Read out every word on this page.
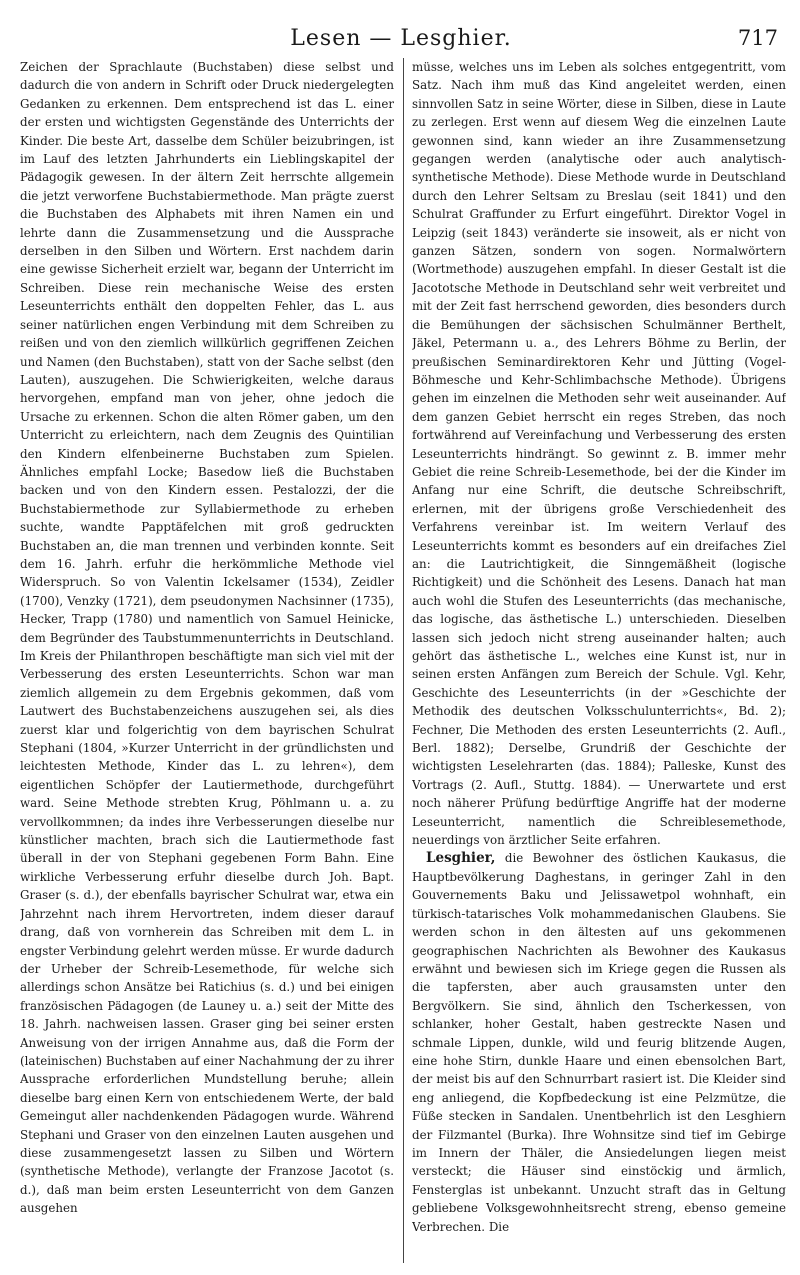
Lesen — Lesghier.	717

Zeichen der Sprachlaute (Buchstaben) diese selbst und dadurch die von andern in Schrift oder Druck niedergelegten Gedanken zu erkennen. Dem entsprechend ist das L. einer der ersten und wichtigsten Gegenstände des Unterrichts der Kinder. Die beste Art, dasselbe dem Schüler beizubringen, ist im Lauf des letzten Jahrhunderts ein Lieblingskapitel der Pädagogik gewesen. In der ältern Zeit herrschte allgemein die jetzt verworfene Buchstabiermethode. Man prägte zuerst die Buchstaben des Alphabets mit ihren Namen ein und lehrte dann die Zusammensetzung und die Aussprache derselben in den Silben und Wörtern. Erst nachdem darin eine gewisse Sicherheit erzielt war, begann der Unterricht im Schreiben. Diese rein mechanische Weise des ersten Leseunterrichts enthält den doppelten Fehler, das L. aus seiner natürlichen engen Verbindung mit dem Schreiben zu reißen und von den ziemlich willkürlich gegriffenen Zeichen und Namen (den Buchstaben), statt von der Sache selbst (den Lauten), auszugehen. Die Schwierigkeiten, welche daraus hervorgehen, empfand man von jeher, ohne jedoch die Ursache zu erkennen. Schon die alten Römer gaben, um den Unterricht zu erleichtern, nach dem Zeugnis des Quintilian den Kindern elfenbeinerne Buchstaben zum Spielen. Ähnliches empfahl Locke; Basedow ließ die Buchstaben backen und von den Kindern essen. Pestalozzi, der die Buchstabiermethode zur Syllabiermethode zu erheben suchte, wandte Papptäfelchen mit groß gedruckten Buchstaben an, die man trennen und verbinden konnte. Seit dem 16. Jahrh. erfuhr die herkömmliche Methode viel Widerspruch. So von Valentin Ickelsamer (1534), Zeidler (1700), Venzky (1721), dem pseudonymen Nachsinner (1735), Hecker, Trapp (1780) und namentlich von Samuel Heinicke, dem Begründer des Taubstummenunterrichts in Deutschland. Im Kreis der Philanthropen beschäftigte man sich viel mit der Verbesserung des ersten Leseunterrichts. Schon war man ziemlich allgemein zu dem Ergebnis gekommen, daß vom Lautwert des Buchstabenzeichens auszugehen sei, als dies zuerst klar und folgerichtig von dem bayrischen Schulrat Stephani (1804, »Kurzer Unterricht in der gründlichsten und leichtesten Methode, Kinder das L. zu lehren«), dem eigentlichen Schöpfer der Lautiermethode, durchgeführt ward. Seine Methode strebten Krug, Pöhlmann u. a. zu vervollkommnen; da indes ihre Verbesserungen dieselbe nur künstlicher machten, brach sich die Lautiermethode fast überall in der von Stephani gegebenen Form Bahn. Eine wirkliche Verbesserung erfuhr dieselbe durch Joh. Bapt. Graser (s. d.), der ebenfalls bayrischer Schulrat war, etwa ein Jahrzehnt nach ihrem Hervortreten, indem dieser darauf drang, daß von vornherein das Schreiben mit dem L. in engster Verbindung gelehrt werden müsse. Er wurde dadurch der Urheber der Schreib-Lesemethode, für welche sich allerdings schon Ansätze bei Ratichius (s. d.) und bei einigen französischen Pädagogen (de Launey u. a.) seit der Mitte des 18. Jahrh. nachweisen lassen. Graser ging bei seiner ersten Anweisung von der irrigen Annahme aus, daß die Form der (lateinischen) Buchstaben auf einer Nachahmung der zu ihrer Aussprache erforderlichen Mundstellung beruhe; allein dieselbe barg einen Kern von entschiedenem Werte, der bald Gemeingut aller nachdenkenden Pädagogen wurde. Während Stephani und Graser von den einzelnen Lauten ausgehen und diese zusammengesetzt lassen zu Silben und Wörtern (synthetische Methode), verlangte der Franzose Jacotot (s. d.), daß man beim ersten Leseunterricht von dem Ganzen ausgehen

müsse, welches uns im Leben als solches entgegentritt, vom Satz. Nach ihm muß das Kind angeleitet werden, einen sinnvollen Satz in seine Wörter, diese in Silben, diese in Laute zu zerlegen. Erst wenn auf diesem Weg die einzelnen Laute gewonnen sind, kann wieder an ihre Zusammensetzung gegangen werden (analytische oder auch analytisch-synthetische Methode). Diese Methode wurde in Deutschland durch den Lehrer Seltsam zu Breslau (seit 1841) und den Schulrat Graffunder zu Erfurt eingeführt. Direktor Vogel in Leipzig (seit 1843) veränderte sie insoweit, als er nicht von ganzen Sätzen, sondern von sogen. Normalwörtern (Wortmethode) auszugehen empfahl. In dieser Gestalt ist die Jacototsche Methode in Deutschland sehr weit verbreitet und mit der Zeit fast herrschend geworden, dies besonders durch die Bemühungen der sächsischen Schulmänner Berthelt, Jäkel, Petermann u. a., des Lehrers Böhme zu Berlin, der preußischen Seminardirektoren Kehr und Jütting (Vogel-Böhmesche und Kehr-Schlimbachsche Methode). Übrigens gehen im einzelnen die Methoden sehr weit auseinander. Auf dem ganzen Gebiet herrscht ein reges Streben, das noch fortwährend auf Vereinfachung und Verbesserung des ersten Leseunterrichts hindrängt. So gewinnt z. B. immer mehr Gebiet die reine Schreib-Lesemethode, bei der die Kinder im Anfang nur eine Schrift, die deutsche Schreibschrift, erlernen, mit der übrigens große Verschiedenheit des Verfahrens vereinbar ist. Im weitern Verlauf des Leseunterrichts kommt es besonders auf ein dreifaches Ziel an: die Lautrichtigkeit, die Sinngemäßheit (logische Richtigkeit) und die Schönheit des Lesens. Danach hat man auch wohl die Stufen des Leseunterrichts (das mechanische, das logische, das ästhetische L.) unterschieden. Dieselben lassen sich jedoch nicht streng auseinander halten; auch gehört das ästhetische L., welches eine Kunst ist, nur in seinen ersten Anfängen zum Bereich der Schule. Vgl. Kehr, Geschichte des Leseunterrichts (in der »Geschichte der Methodik des deutschen Volksschulunterrichts«, Bd. 2); Fechner, Die Methoden des ersten Leseunterrichts (2. Aufl., Berl. 1882); Derselbe, Grundriß der Geschichte der wichtigsten Leselehrarten (das. 1884); Palleske, Kunst des Vortrags (2. Aufl., Stuttg. 1884). — Unerwartete und erst noch näherer Prüfung bedürftige Angriffe hat der moderne Leseunterricht, namentlich die Schreiblesemethode, neuerdings von ärztlicher Seite erfahren.

Lesghier, die Bewohner des östlichen Kaukasus, die Hauptbevölkerung Daghestans, in geringer Zahl in den Gouvernements Baku und Jelissawetpol wohnhaft, ein türkisch-tatarisches Volk mohammedanischen Glaubens. Sie werden schon in den ältesten auf uns gekommenen geographischen Nachrichten als Bewohner des Kaukasus erwähnt und bewiesen sich im Kriege gegen die Russen als die tapfersten, aber auch grausamsten unter den Bergvölkern. Sie sind, ähnlich den Tscherkessen, von schlanker, hoher Gestalt, haben gestreckte Nasen und schmale Lippen, dunkle, wild und feurig blitzende Augen, eine hohe Stirn, dunkle Haare und einen ebensolchen Bart, der meist bis auf den Schnurrbart rasiert ist. Die Kleider sind eng anliegend, die Kopfbedeckung ist eine Pelzmütze, die Füße stecken in Sandalen. Unentbehrlich ist den Lesghiern der Filzmantel (Burka). Ihre Wohnsitze sind tief im Gebirge im Innern der Thäler, die Ansiedelungen liegen meist versteckt; die Häuser sind einstöckig und ärmlich, Fensterglas ist unbekannt. Unzucht straft das in Geltung gebliebene Volksgewohnheitsrecht streng, ebenso gemeine Verbrechen. Die
